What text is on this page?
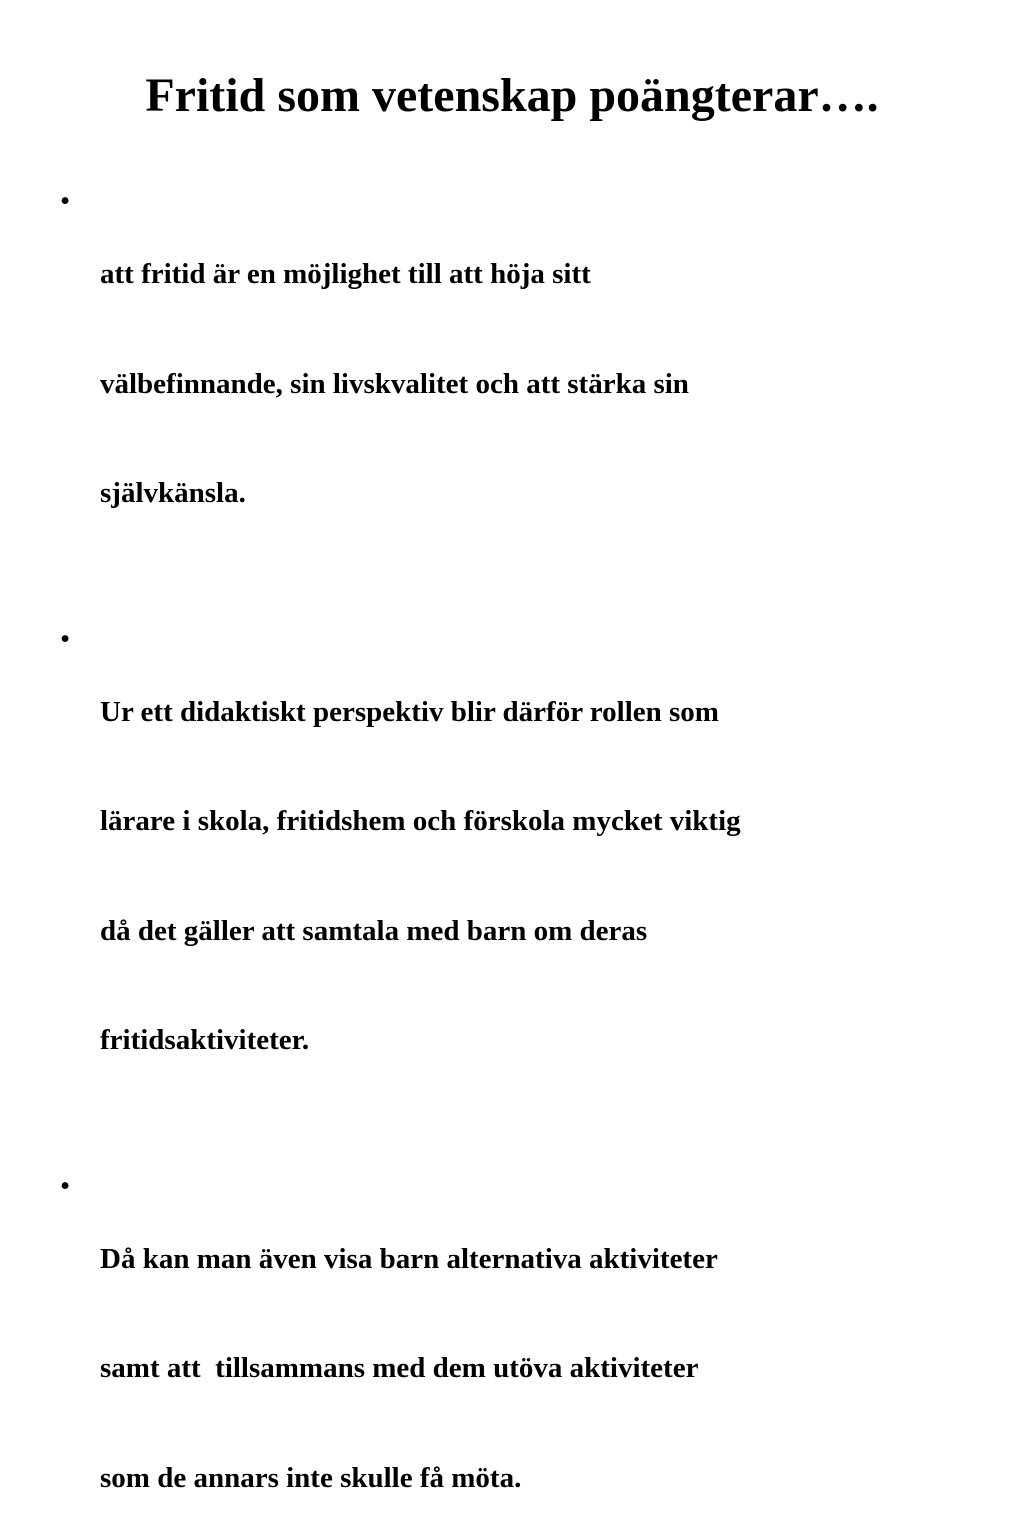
Fritid som vetenskap poängterar….
•

att fritid är en möjlighet till att höja sitt

välbefinnande, sin livskvalitet och att stärka sin

självkänsla.

•

Ur ett didaktiskt perspektiv blir därför rollen som

lärare i skola, fritidshem och förskola mycket viktig

då det gäller att samtala med barn om deras

fritidsaktiviteter.

•

Då kan man även visa barn alternativa aktiviteter

samt att  tillsammans med dem utöva aktiviteter

som de annars inte skulle få möta.
